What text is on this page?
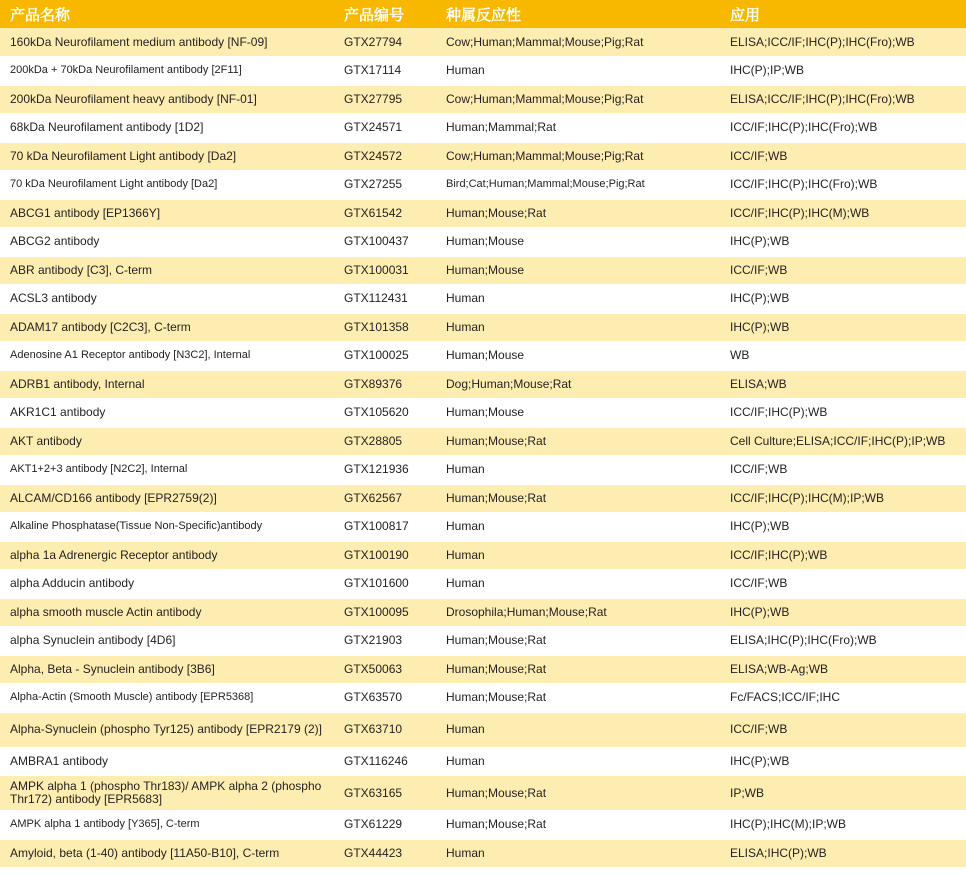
产品名称	产品编号	种属反应性	应用
160kDa Neurofilament medium antibody [NF-09]	GTX27794	Cow;Human;Mammal;Mouse;Pig;Rat	ELISA;ICC/IF;IHC(P);IHC(Fro);WB
200kDa + 70kDa Neurofilament antibody [2F11]	GTX17114	Human	IHC(P);IP;WB
200kDa Neurofilament heavy antibody [NF-01]	GTX27795	Cow;Human;Mammal;Mouse;Pig;Rat	ELISA;ICC/IF;IHC(P);IHC(Fro);WB
68kDa Neurofilament antibody [1D2]	GTX24571	Human;Mammal;Rat	ICC/IF;IHC(P);IHC(Fro);WB
70 kDa Neurofilament Light antibody [Da2]	GTX24572	Cow;Human;Mammal;Mouse;Pig;Rat	ICC/IF;WB
70 kDa Neurofilament Light antibody [Da2]	GTX27255	Bird;Cat;Human;Mammal;Mouse;Pig;Rat	ICC/IF;IHC(P);IHC(Fro);WB
ABCG1 antibody [EP1366Y]	GTX61542	Human;Mouse;Rat	ICC/IF;IHC(P);IHC(M);WB
ABCG2 antibody	GTX100437	Human;Mouse	IHC(P);WB
ABR antibody [C3], C-term	GTX100031	Human;Mouse	ICC/IF;WB
ACSL3 antibody	GTX112431	Human	IHC(P);WB
ADAM17 antibody [C2C3], C-term	GTX101358	Human	IHC(P);WB
Adenosine A1 Receptor antibody [N3C2], Internal	GTX100025	Human;Mouse	WB
ADRB1 antibody, Internal	GTX89376	Dog;Human;Mouse;Rat	ELISA;WB
AKR1C1 antibody	GTX105620	Human;Mouse	ICC/IF;IHC(P);WB
AKT antibody	GTX28805	Human;Mouse;Rat	Cell Culture;ELISA;ICC/IF;IHC(P);IP;WB
AKT1+2+3 antibody [N2C2], Internal	GTX121936	Human	ICC/IF;WB
ALCAM/CD166 antibody [EPR2759(2)]	GTX62567	Human;Mouse;Rat	ICC/IF;IHC(P);IHC(M);IP;WB
Alkaline Phosphatase(Tissue Non-Specific)antibody	GTX100817	Human	IHC(P);WB
alpha 1a Adrenergic Receptor antibody	GTX100190	Human	ICC/IF;IHC(P);WB
alpha Adducin antibody	GTX101600	Human	ICC/IF;WB
alpha smooth muscle Actin antibody	GTX100095	Drosophila;Human;Mouse;Rat	IHC(P);WB
alpha Synuclein antibody [4D6]	GTX21903	Human;Mouse;Rat	ELISA;IHC(P);IHC(Fro);WB
Alpha, Beta - Synuclein antibody [3B6]	GTX50063	Human;Mouse;Rat	ELISA;WB-Ag;WB
Alpha-Actin (Smooth Muscle) antibody [EPR5368]	GTX63570	Human;Mouse;Rat	Fc/FACS;ICC/IF;IHC
Alpha-Synuclein (phospho Tyr125) antibody [EPR2179 (2)]	GTX63710	Human	ICC/IF;WB
AMBRA1 antibody	GTX116246	Human	IHC(P);WB
AMPK alpha 1 (phospho Thr183)/ AMPK alpha 2 (phospho Thr172) antibody [EPR5683]	GTX63165	Human;Mouse;Rat	IP;WB
AMPK alpha 1 antibody [Y365], C-term	GTX61229	Human;Mouse;Rat	IHC(P);IHC(M);IP;WB
Amyloid, beta (1-40) antibody [11A50-B10], C-term	GTX44423	Human	ELISA;IHC(P);WB
